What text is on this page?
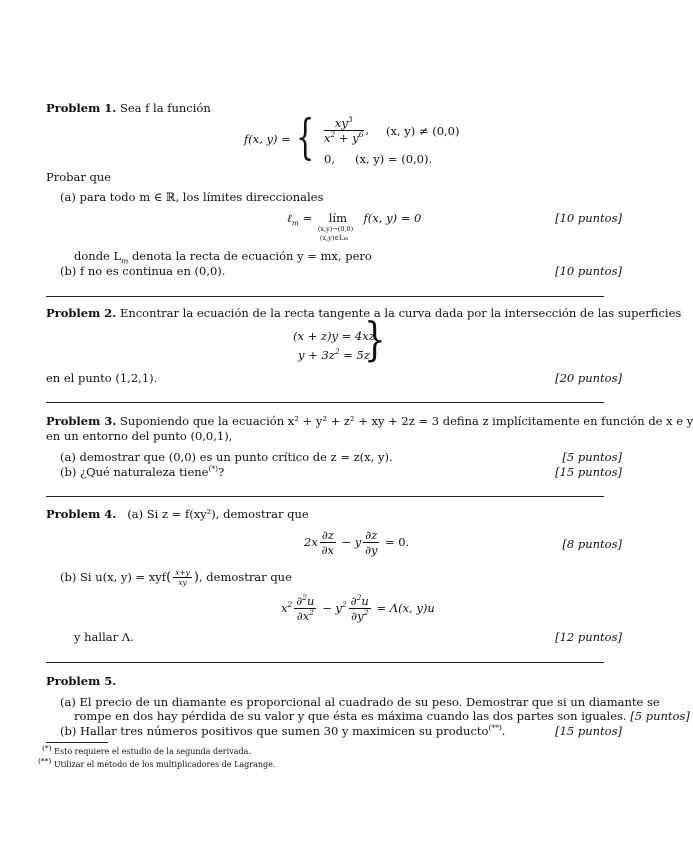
Problem 1. Sea f la función
f(x, y) = { $\frac{xy^3}{x^2 + y^6}$ , (x, y) ≠ (0,0)
0, (x, y) = (0,0).
Probar que
(a) para todo m ∈ ℝ, los límites direccionales
ℓ$_m$ = lím
(x,y)→(0,0)
(x,y)∈Lm
f(x, y) = 0	[10 puntos]
donde $L_m$ denota la recta de ecuación y = mx, pero
(b) f no es continua en (0,0).	[10 puntos]
Problem 2. Encontrar la ecuación de la recta tangente a la curva dada por la intersección de las superficies
(x + z)y = 4xz
$y + 3z^2 = 5z$
}
en el punto (1,2,1).	[20 puntos]
Problem 3. Suponiendo que la ecuación x² + y² + z² + xy + 2z = 3 defina z implícitamente en función de x e y
en un entorno del punto (0,0,1),
(a) demostrar que (0,0) es un punto crítico de z = z(x, y).	[5 puntos]
(b) ¿Qué naturaleza tiene(*)?	[15 puntos]
Problem 4. (a) Si z = f(xy²), demostrar que
$2x \frac{\partial z}{\partial x} - y \frac{\partial z}{\partial y} = 0$.	[8 puntos]
(b) Si u(x, $y) = xyf( \frac{x+y}{xy}$ ), demostrar que
$x^2 \frac{\partial^2u}{\partial x^2} - y^2 \frac{\partial^2u}{\partial y^2} = \Lambda(x$, y)u
y hallar Λ.	[12 puntos]
Problem 5.
(a) El precio de un diamante es proporcional al cuadrado de su peso. Demostrar que si un diamante se
rompe en dos hay pérdida de su valor y que ésta es máxima cuando las dos partes son iguales. [5 puntos]
(b) Hallar tres números positivos que sumen 30 y maximicen su producto(**).	[15 puntos]
(*) Esto requiere el estudio de la segunda derivada.
(**) Utilizar el método de los multiplicadores de Lagrange.
